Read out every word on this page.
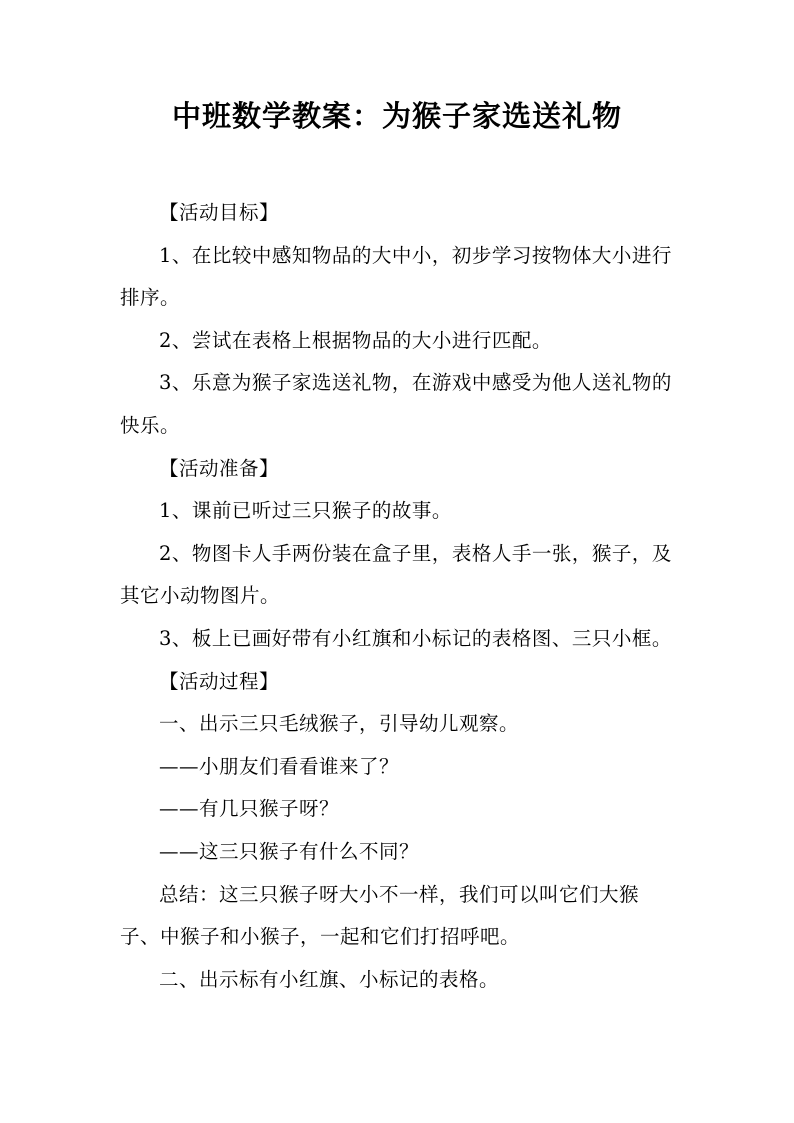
中班数学教案：为猴子家选送礼物

【活动目标】

1、在比较中感知物品的大中小，初步学习按物体大小进行排序。

2、尝试在表格上根据物品的大小进行匹配。

3、乐意为猴子家选送礼物，在游戏中感受为他人送礼物的快乐。

【活动准备】

1、课前已听过三只猴子的故事。

2、物图卡人手两份装在盒子里，表格人手一张，猴子，及其它小动物图片。

3、板上已画好带有小红旗和小标记的表格图、三只小框。

【活动过程】

一、出示三只毛绒猴子，引导幼儿观察。

——小朋友们看看谁来了？

——有几只猴子呀？

——这三只猴子有什么不同？

总结：这三只猴子呀大小不一样，我们可以叫它们大猴子、中猴子和小猴子，一起和它们打招呼吧。

二、出示标有小红旗、小标记的表格。
